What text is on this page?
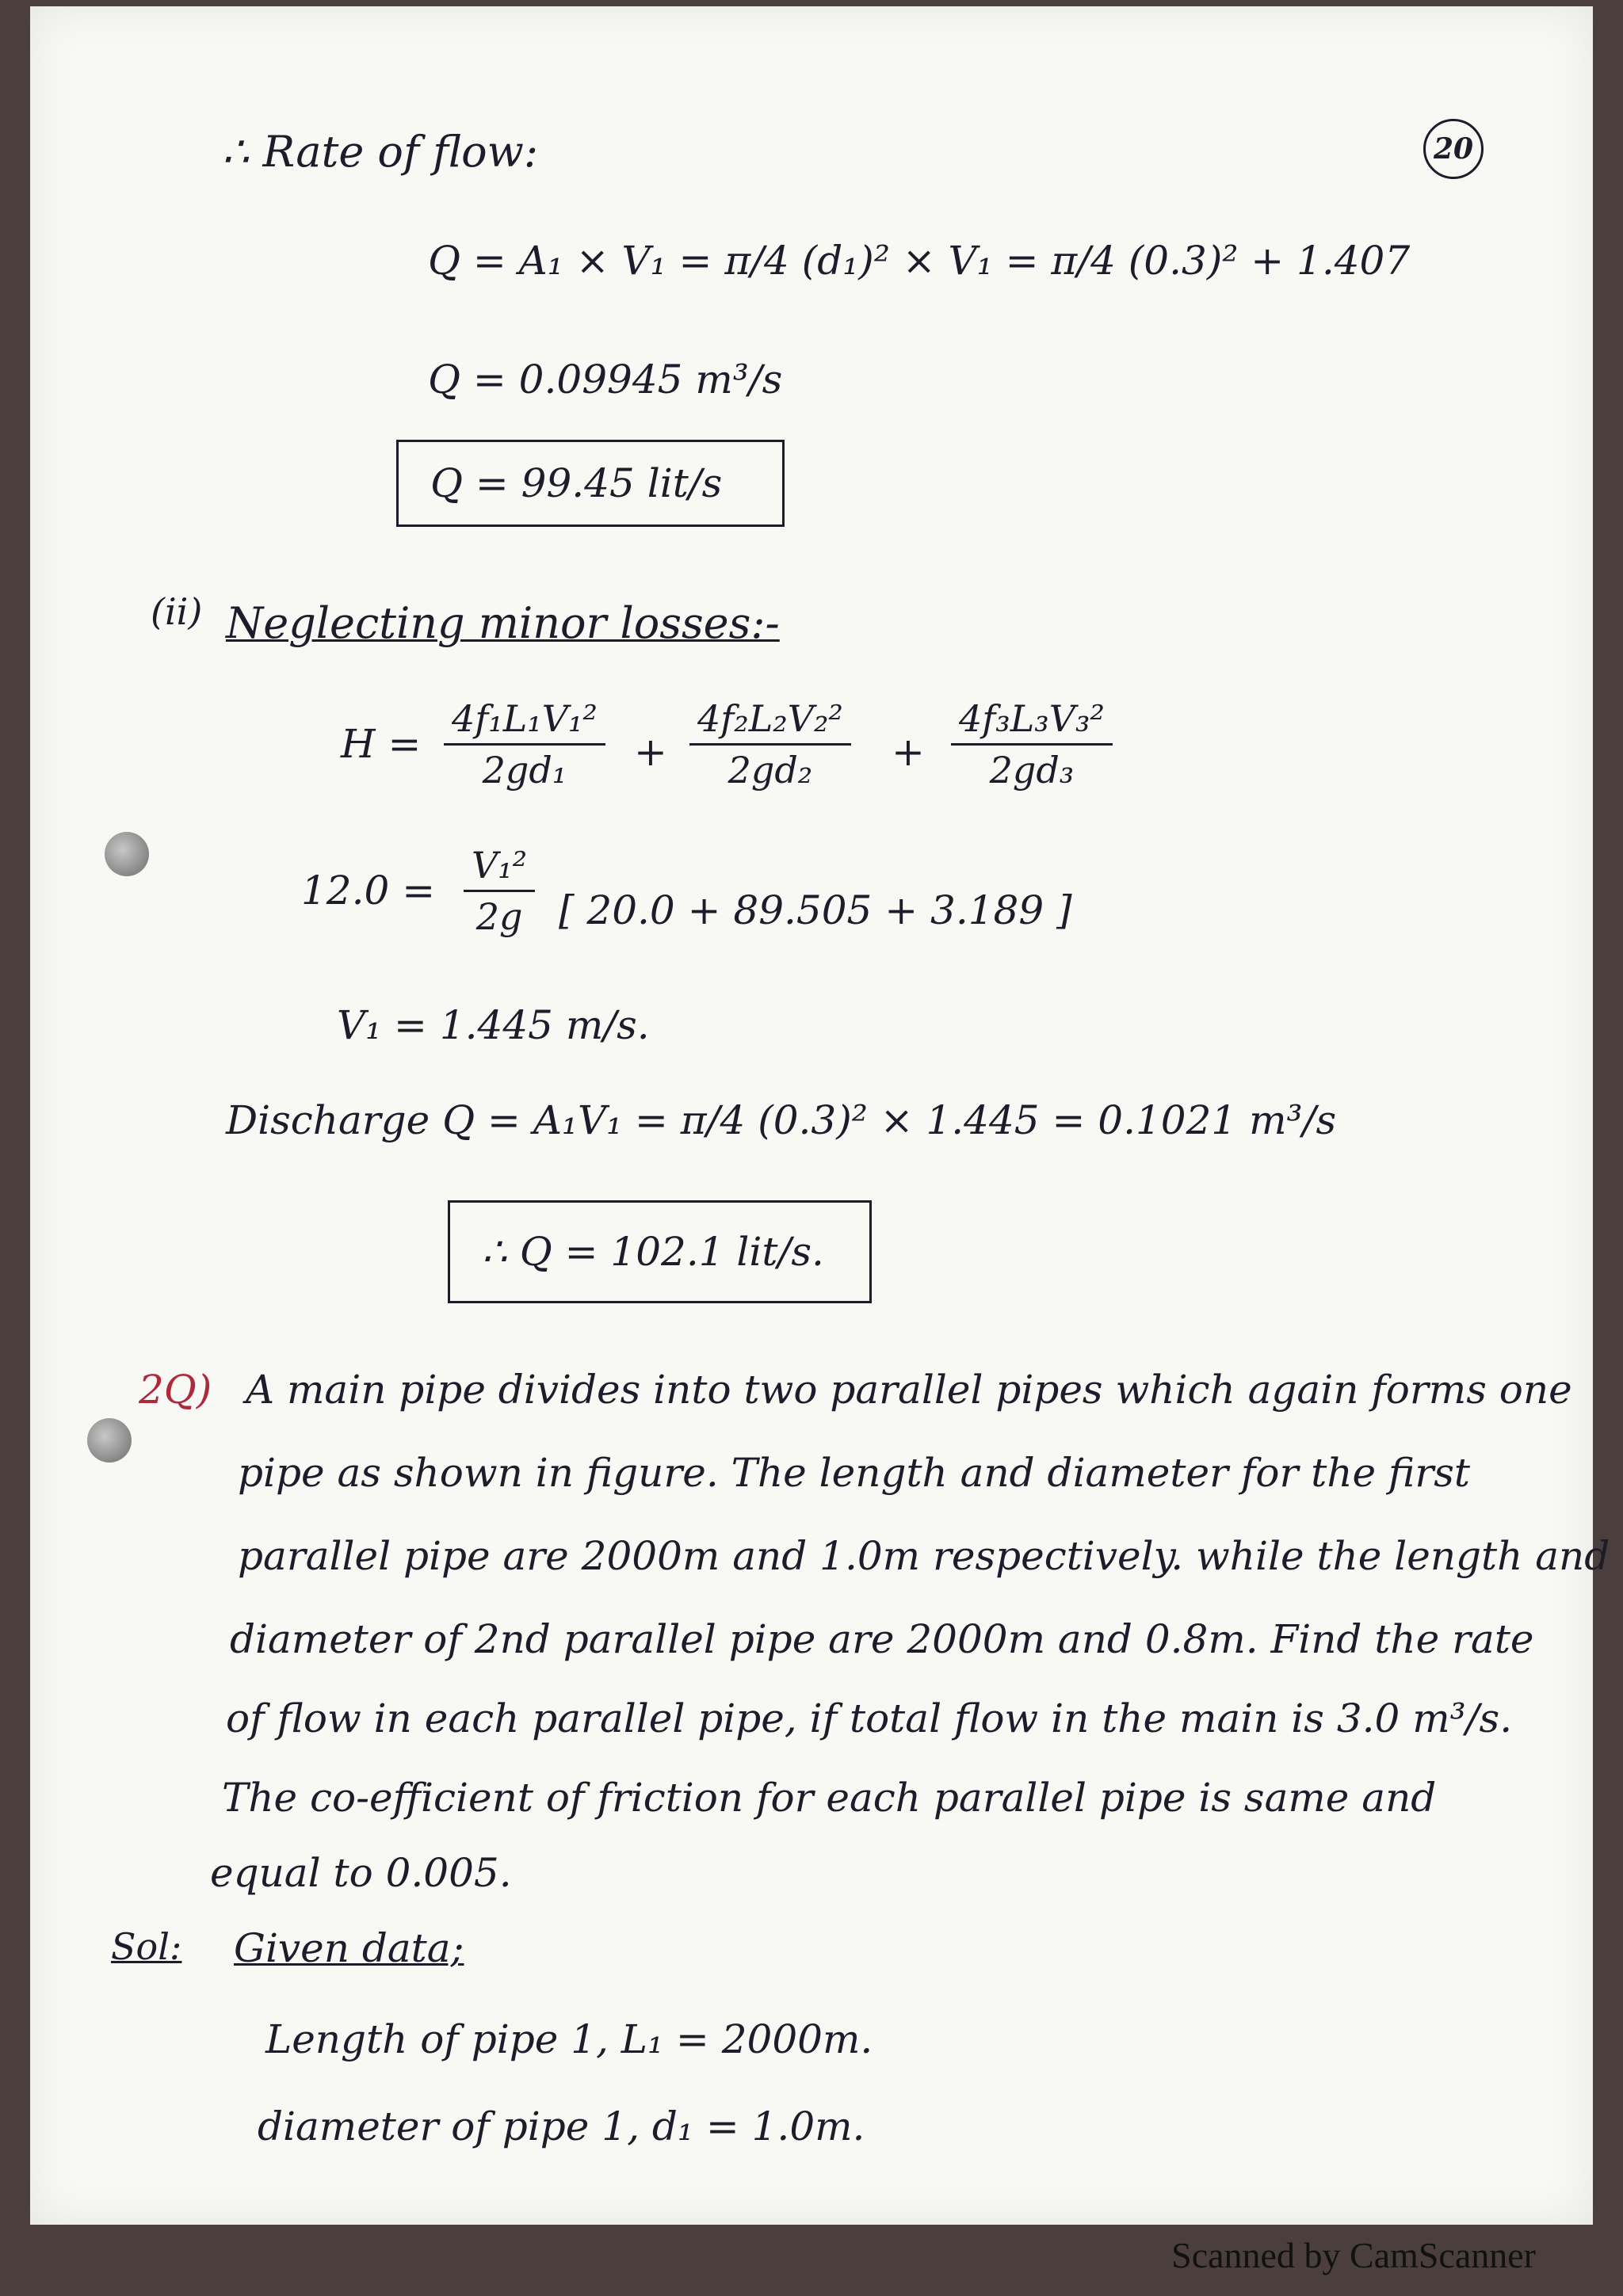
20
∴ Rate of flow:
Q = A₁ × V₁ = π/4 (d₁)² × V₁ = π/4 (0.3)² + 1.407
Q = 0.09945 m³/s
Q = 99.45 lit/s
(ii) Neglecting minor losses:-
$H = \frac{\text{4f₁L₁V₁²}}{\text{2gd₁}} + \frac{\text{4f₂L₂V₂²}}{\text{2gd₂}} + \frac{\text{4f₃L₃V₃²}}{\text{2gd₃}}$
$12.0 = \frac{\text{V₁²}}{2g}$ [ 20.0 + 89.505 + 3.189 ]
V₁ = 1.445 m/s.
Discharge Q = A₁V₁ = π/4 (0.3)² × 1.445 = 0.1021 m³/s
∴ Q = 102.1 lit/s.
2Q) A main pipe divides into two parallel pipes which again forms one
pipe as shown in figure. The length and diameter for the first
parallel pipe are 2000m and 1.0m respectively. while the length and
diameter of 2nd parallel pipe are 2000m and 0.8m. Find the rate
of flow in each parallel pipe, if total flow in the main is 3.0 m³/s.
The co-efficient of friction for each parallel pipe is same and
equal to 0.005.
Sol: Given data;
Length of pipe 1, L₁ = 2000m.
diameter of pipe 1, d₁ = 1.0m.
Scanned by CamScanner
